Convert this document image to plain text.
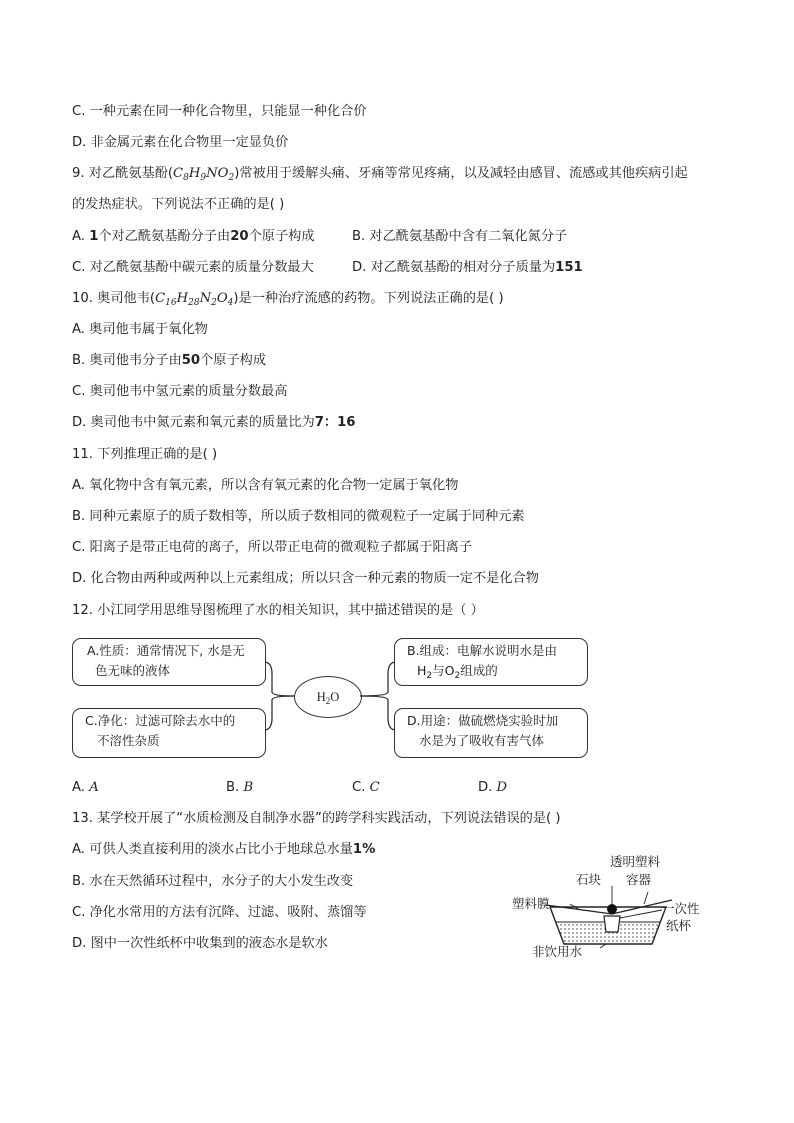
C. 一种元素在同一种化合物里，只能显一种化合价
D. 非金属元素在化合物里一定显负价
9. 对乙酰氨基酚$(C_8H_9NO_2)$常被用于缓解头痛、牙痛等常见疼痛，以及减轻由感冒、流感或其他疾病引起
的发热症状。下列说法不正确的是( )
A. 1个对乙酰氨基酚分子由20个原子构成	B. 对乙酰氨基酚中含有二氧化氮分子
C. 对乙酰氨基酚中碳元素的质量分数最大	D. 对乙酰氨基酚的相对分子质量为151
10. 奥司他韦$(C_{16}H_{28}N_2O_4)$是一种治疗流感的药物。下列说法正确的是( )
A. 奥司他韦属于氧化物
B. 奥司他韦分子由50个原子构成
C. 奥司他韦中氢元素的质量分数最高
D. 奥司他韦中氮元素和氧元素的质量比为7：16
11. 下列推理正确的是( )
A. 氧化物中含有氧元素，所以含有氧元素的化合物一定属于氧化物
B. 同种元素原子的质子数相等，所以质子数相同的微观粒子一定属于同种元素
C. 阳离子是带正电荷的离子，所以带正电荷的微观粒子都属于阳离子
D. 化合物由两种或两种以上元素组成；所以只含一种元素的物质一定不是化合物
12. 小江同学用思维导图梳理了水的相关知识，其中描述错误的是（ ）
A.性质：通常情况下, 水是无
色无味的液体
$H_2O$
B.组成：电解水说明水是由
$H_2$与$O_2$组成的
C.净化：过滤可除去水中的
不溶性杂质
D.用途：做硫燃烧实验时加
水是为了吸收有害气体
A. A	B. B	C. C	D. D
13. 某学校开展了“水质检测及自制净水器”的跨学科实践活动，下列说法错误的是( )
A. 可供人类直接利用的淡水占比小于地球总水量1%
B. 水在天然循环过程中，水分子的大小发生改变
C. 净化水常用的方法有沉降、过滤、吸附、蒸馏等
D. 图中一次性纸杯中收集到的液态水是软水
透明塑料
容器
石块
塑料膜	一次性
纸杯
非饮用水
